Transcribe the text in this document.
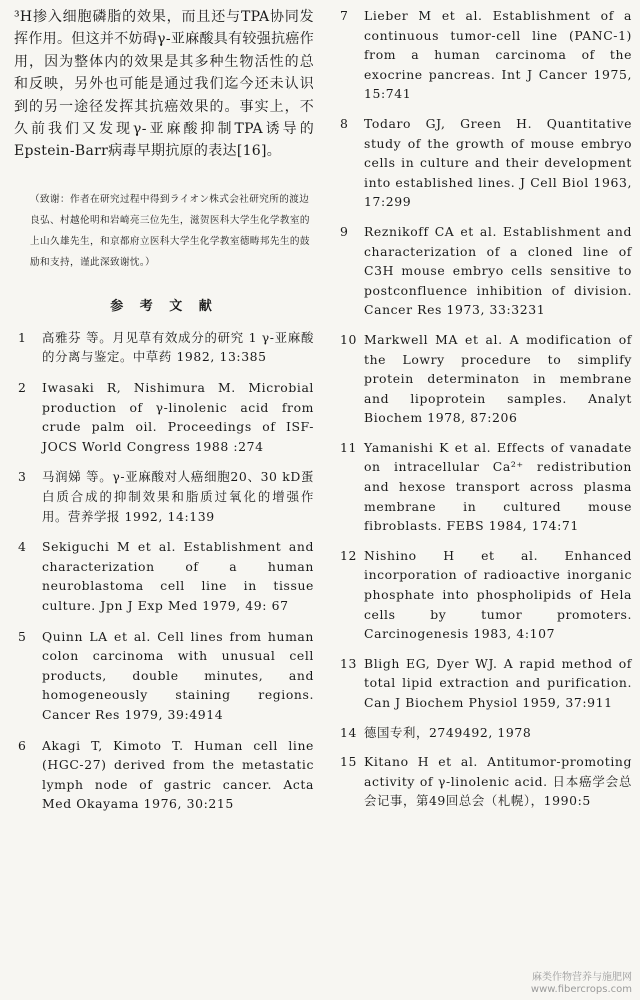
³H掺入细胞磷脂的效果，而且还与TPA协同发挥作用。但这并不妨碍γ-亚麻酸具有较强抗癌作用，因为整体内的效果是其多种生物活性的总和反映，另外也可能是通过我们迄今还未认识到的另一途径发挥其抗癌效果的。事实上，不久前我们又发现γ-亚麻酸抑制TPA诱导的Epstein-Barr病毒早期抗原的表达[16]。

（致谢：作者在研究过程中得到ライオン株式会社研究所的渡边良弘、村越伦明和岩崎亮三位先生，滋贺医科大学生化学教室的上山久雄先生，和京都府立医科大学生化学教室德畴邦先生的鼓励和支持，谨此深致谢忱。）

参 考 文 献
1	高雅芬 等。月见草有效成分的研究 1 γ-亚麻酸的分离与鉴定。中草药 1982, 13:385
2	Iwasaki R, Nishimura M. Microbial production of γ-linolenic acid from crude palm oil. Proceedings of ISF-JOCS World Congress 1988 :274
3	马润娣 等。γ-亚麻酸对人癌细胞20、30 kD蛋白质合成的抑制效果和脂质过氧化的增强作用。营养学报 1992, 14:139
4	Sekiguchi M et al. Establishment and characterization of a human neuroblastoma cell line in tissue culture. Jpn J Exp Med 1979, 49: 67
5	Quinn LA et al. Cell lines from human colon carcinoma with unusual cell products, double minutes, and homogeneously staining regions. Cancer Res 1979, 39:4914
6	Akagi T, Kimoto T. Human cell line (HGC-27) derived from the metastatic lymph node of gastric cancer. Acta Med Okayama 1976, 30:215
7	Lieber M et al. Establishment of a continuous tumor-cell line (PANC-1) from a human carcinoma of the exocrine pancreas. Int J Cancer 1975, 15:741
8	Todaro GJ, Green H. Quantitative study of the growth of mouse embryo cells in culture and their development into established lines. J Cell Biol 1963, 17:299
9	Reznikoff CA et al. Establishment and characterization of a cloned line of C3H mouse embryo cells sensitive to postconfluence inhibition of division. Cancer Res 1973, 33:3231
10 Markwell MA et al. A modification of the Lowry procedure to simplify protein determinaton in membrane and lipoprotein samples. Analyt Biochem 1978, 87:206
11 Yamanishi K et al. Effects of vanadate on intracellular Ca²⁺ redistribution and hexose transport across plasma membrane in cultured mouse fibroblasts. FEBS 1984, 174:71
12 Nishino H et al. Enhanced incorporation of radioactive inorganic phosphate into phospholipids of Hela cells by tumor promoters. Carcinogenesis 1983, 4:107
13 Bligh EG, Dyer WJ. A rapid method of total lipid extraction and purification. Can J Biochem Physiol 1959, 37:911
14 德国专利，2749492, 1978
15 Kitano H et al. Antitumor-promoting activity of γ-linolenic acid. 日本癌学会总会记事，第49回总会（札幌），1990:5
麻类作物营养与施肥网
www.fibercrops.com
